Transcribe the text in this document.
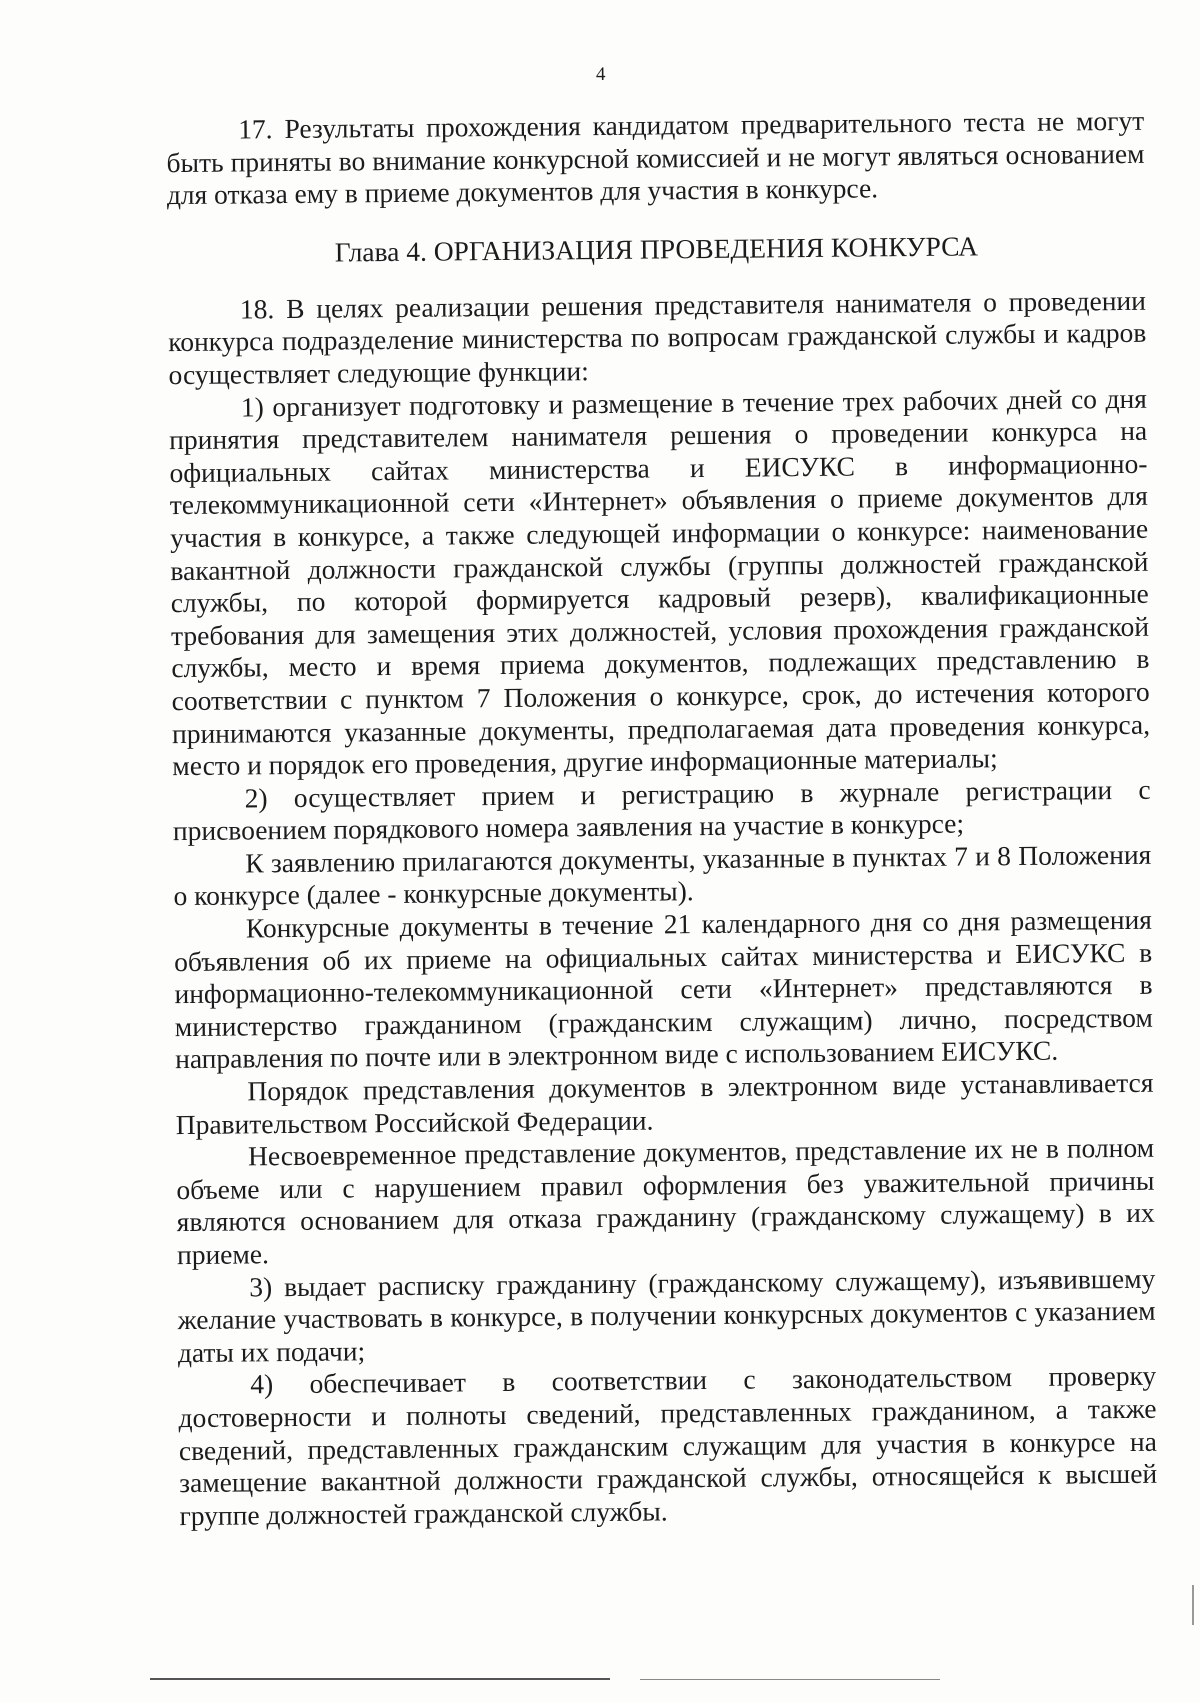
4

17. Результаты прохождения кандидатом предварительного теста не могут быть приняты во внимание конкурсной комиссией и не могут являться основанием для отказа ему в приеме документов для участия в конкурсе.

Глава 4. ОРГАНИЗАЦИЯ ПРОВЕДЕНИЯ КОНКУРСА

18. В целях реализации решения представителя нанимателя о проведении конкурса подразделение министерства по вопросам гражданской службы и кадров осуществляет следующие функции:

1) организует подготовку и размещение в течение трех рабочих дней со дня принятия представителем нанимателя решения о проведении конкурса на официальных сайтах министерства и ЕИСУКС в информационно-телекоммуникационной сети «Интернет» объявления о приеме документов для участия в конкурсе, а также следующей информации о конкурсе: наименование вакантной должности гражданской службы (группы должностей гражданской службы, по которой формируется кадровый резерв), квалификационные требования для замещения этих должностей, условия прохождения гражданской службы, место и время приема документов, подлежащих представлению в соответствии с пунктом 7 Положения о конкурсе, срок, до истечения которого принимаются указанные документы, предполагаемая дата проведения конкурса, место и порядок его проведения, другие информационные материалы;

2) осуществляет прием и регистрацию в журнале регистрации с присвоением порядкового номера заявления на участие в конкурсе;

К заявлению прилагаются документы, указанные в пунктах 7 и 8 Положения о конкурсе (далее - конкурсные документы).

Конкурсные документы в течение 21 календарного дня со дня размещения объявления об их приеме на официальных сайтах министерства и ЕИСУКС в информационно-телекоммуникационной сети «Интернет» представляются в министерство гражданином (гражданским служащим) лично, посредством направления по почте или в электронном виде с использованием ЕИСУКС.

Порядок представления документов в электронном виде устанавливается Правительством Российской Федерации.

Несвоевременное представление документов, представление их не в полном объеме или с нарушением правил оформления без уважительной причины являются основанием для отказа гражданину (гражданскому служащему) в их приеме.

3) выдает расписку гражданину (гражданскому служащему), изъявившему желание участвовать в конкурсе, в получении конкурсных документов с указанием даты их подачи;

4) обеспечивает в соответствии с законодательством проверку достоверности и полноты сведений, представленных гражданином, а также сведений, представленных гражданским служащим для участия в конкурсе на замещение вакантной должности гражданской службы, относящейся к высшей группе должностей гражданской службы.
